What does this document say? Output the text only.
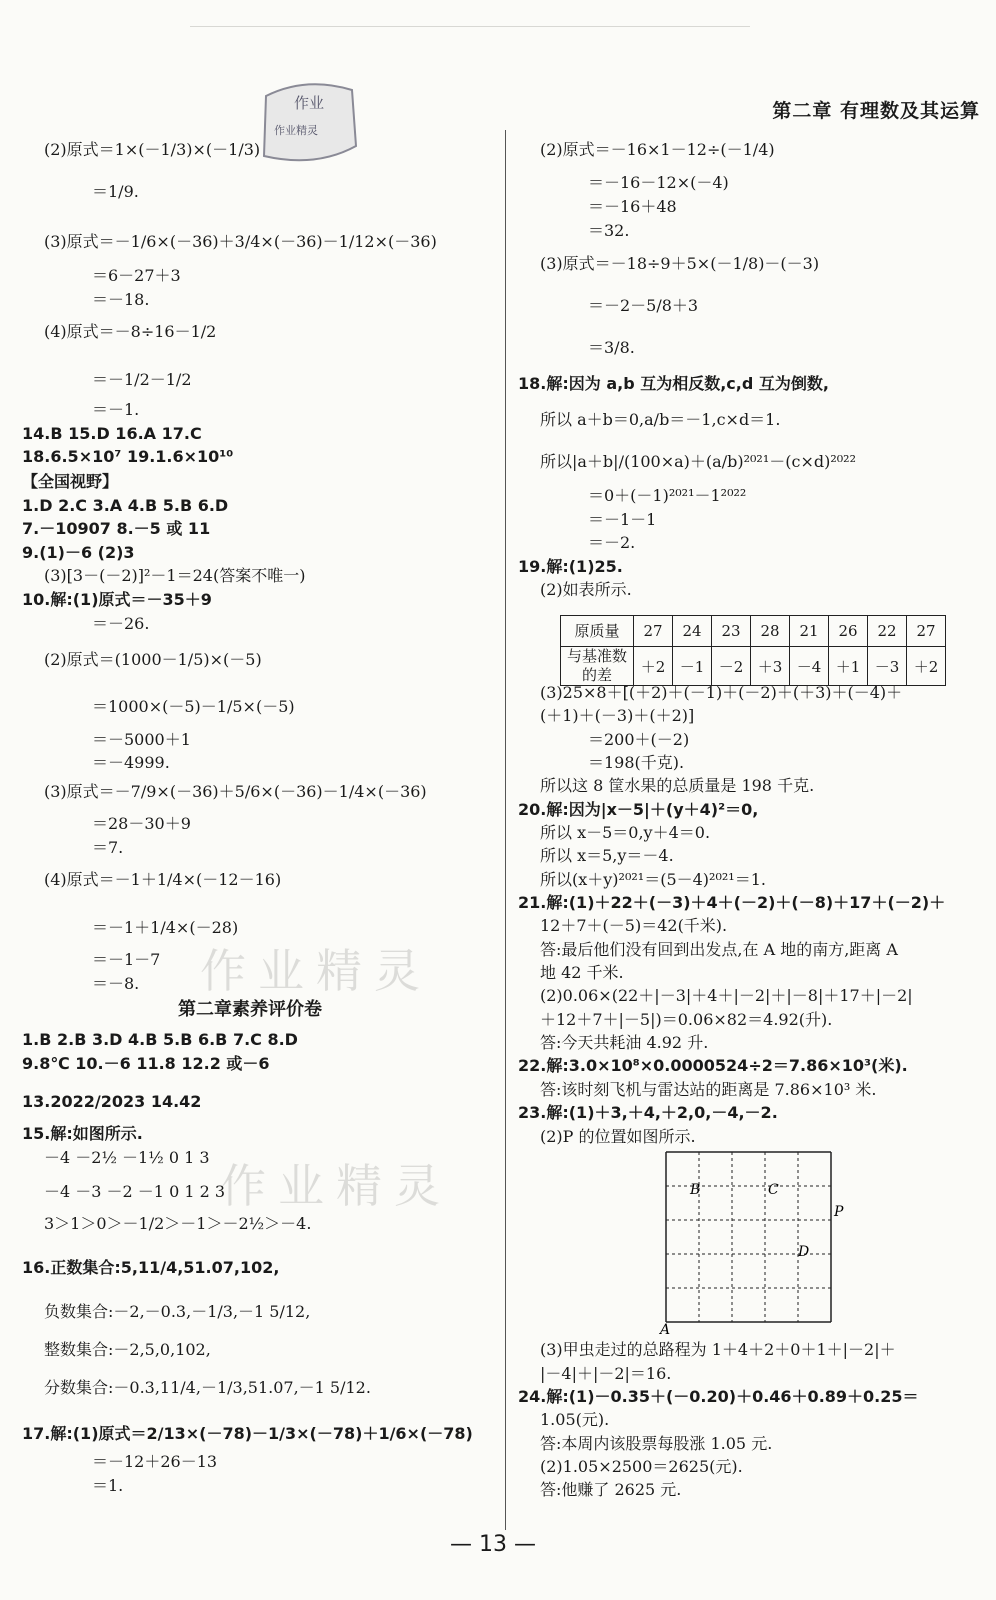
第二章 有理数及其运算
作业
作业精灵
(2)原式＝1×(－1/3)×(－1/3)
＝1/9.
(3)原式＝－1/6×(－36)＋3/4×(－36)－1/12×(－36)
＝6－27＋3
＝－18.
(4)原式＝－8÷16－1/2
＝－1/2－1/2
＝－1.
14.B 15.D 16.A 17.C
18.6.5×10⁷ 19.1.6×10¹⁰
【全国视野】
1.D 2.C 3.A 4.B 5.B 6.D
7.－10907 8.－5 或 11
9.(1)－6 (2)3
(3)[3－(－2)]²－1＝24(答案不唯一)
10.解:(1)原式＝－35＋9
＝－26.
(2)原式＝(1000－1/5)×(－5)
＝1000×(－5)－1/5×(－5)
＝－5000＋1
＝－4999.
(3)原式＝－7/9×(－36)＋5/6×(－36)－1/4×(－36)
＝28－30＋9
＝7.
(4)原式＝－1＋1/4×(－12－16)
＝－1＋1/4×(－28)
＝－1－7
＝－8.
1.B 2.B 3.D 4.B 5.B 6.B 7.C 8.D
9.8℃ 10.－6 11.8 12.2 或－6
13.2022/2023 14.42
15.解:如图所示.
－4 －2½ －1½ 0 1 3
－4 －3 －2 －1 0 1 2 3
3＞1＞0＞－1/2＞－1＞－2½＞－4.
16.正数集合:5,11/4,51.07,102,
负数集合:－2,－0.3,－1/3,－1 5/12,
整数集合:－2,5,0,102,
分数集合:－0.3,11/4,－1/3,51.07,－1 5/12.
17.解:(1)原式＝2/13×(－78)－1/3×(－78)＋1/6×(－78)
＝－12＋26－13
＝1.
原质量	27	24	23	28	21	26	22	27
与基准数的差	＋2	－1	－2	＋3	－4	＋1	－3	＋2
B	C
P
D
A
(2)原式＝－16×1－12÷(－1/4)
＝－16－12×(－4)
＝－16＋48
＝32.
(3)原式＝－18÷9＋5×(－1/8)－(－3)
＝－2－5/8＋3
＝3/8.
18.解:因为 a,b 互为相反数,c,d 互为倒数,
所以 a＋b＝0,a/b＝－1,c×d＝1.
所以|a＋b|/(100×a)＋(a/b)²⁰²¹－(c×d)²⁰²²
＝0＋(－1)²⁰²¹－1²⁰²²
＝－1－1
＝－2.
19.解:(1)25.
(2)如表所示.
(3)25×8＋[(＋2)＋(－1)＋(－2)＋(＋3)＋(－4)＋
(＋1)＋(－3)＋(＋2)]
＝200＋(－2)
＝198(千克).
所以这 8 筐水果的总质量是 198 千克.
20.解:因为|x－5|＋(y＋4)²＝0,
所以 x－5＝0,y＋4＝0.
所以 x＝5,y＝－4.
所以(x＋y)²⁰²¹＝(5－4)²⁰²¹＝1.
21.解:(1)＋22＋(－3)＋4＋(－2)＋(－8)＋17＋(－2)＋
12＋7＋(－5)＝42(千米).
答:最后他们没有回到出发点,在 A 地的南方,距离 A
地 42 千米.
(2)0.06×(22＋|－3|＋4＋|－2|＋|－8|＋17＋|－2|
＋12＋7＋|－5|)＝0.06×82＝4.92(升).
答:今天共耗油 4.92 升.
22.解:3.0×10⁸×0.0000524÷2＝7.86×10³(米).
答:该时刻飞机与雷达站的距离是 7.86×10³ 米.
23.解:(1)＋3,＋4,＋2,0,－4,－2.
(2)P 的位置如图所示.
(3)甲虫走过的总路程为 1＋4＋2＋0＋1＋|－2|＋
|－4|＋|－2|＝16.
24.解:(1)－0.35＋(－0.20)＋0.46＋0.89＋0.25＝
1.05(元).
答:本周内该股票每股涨 1.05 元.
(2)1.05×2500＝2625(元).
答:他赚了 2625 元.
第二章素养评价卷
作业精灵
作业精灵
— 13 —
